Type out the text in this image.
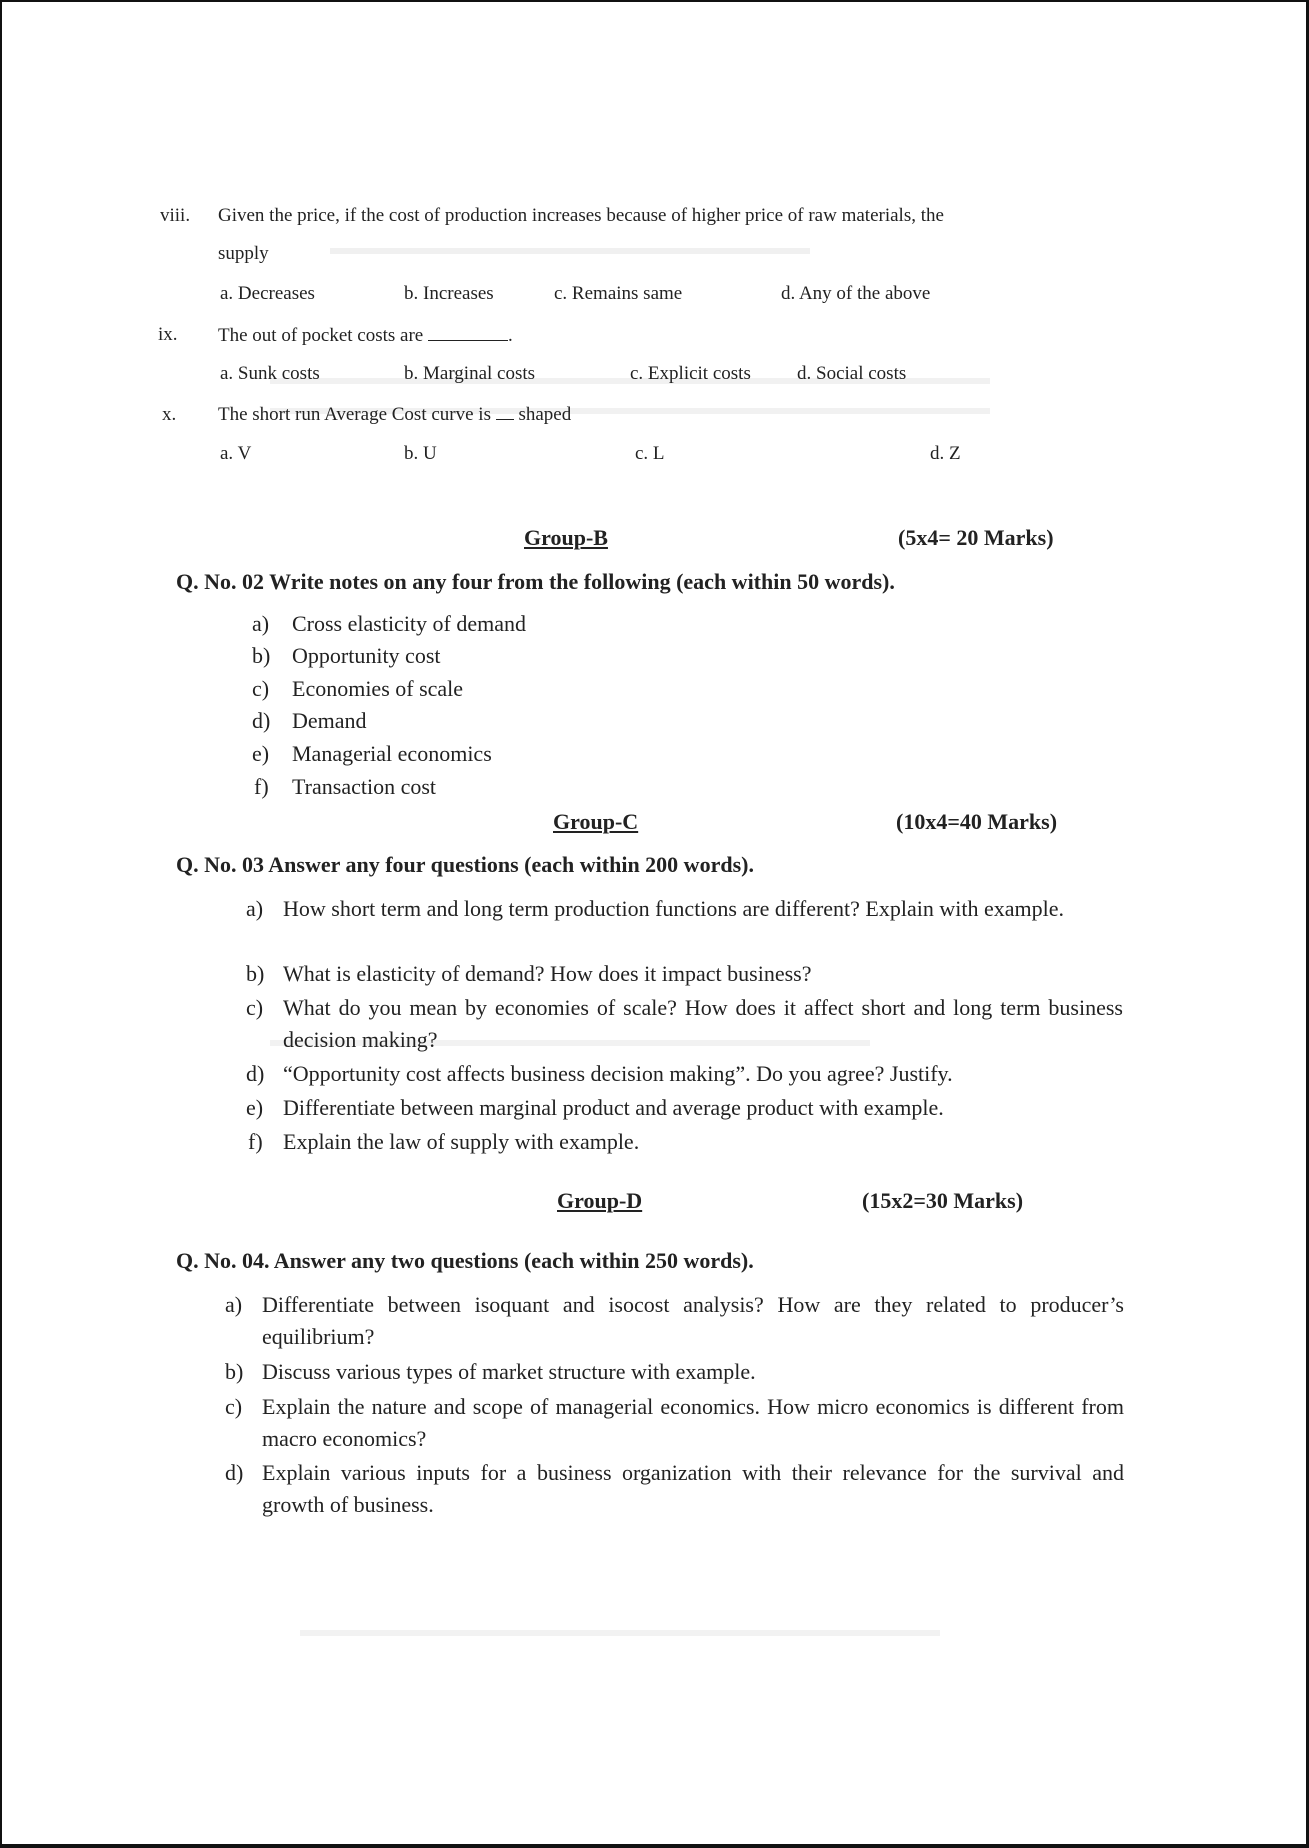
viii. Given the price, if the cost of production increases because of higher price of raw materials, the
supply
a. Decreases	b. Increases	c. Remains same	d. Any of the above
ix. The out of pocket costs are	.
a. Sunk costs	b. Marginal costs	c. Explicit costs d. Social costs
x. The short run Average Cost curve is shaped
a. V	b. U	c. L	d. Z
Group-B	(5x4= 20 Marks)
Q. No. 02 Write notes on any four from the following (each within 50 words).
a) Cross elasticity of demand
b) Opportunity cost
c) Economies of scale
d) Demand
e) Managerial economics
f) Transaction cost
Group-C	(10x4=40 Marks)
Q. No. 03 Answer any four questions (each within 200 words).
a) How short term and long term production functions are different? Explain with example.
b) What is elasticity of demand? How does it impact business?
c) What do you mean by economies of scale? How does it affect short and long term business decision making?
d) “Opportunity cost affects business decision making”. Do you agree? Justify.
e) Differentiate between marginal product and average product with example.
f) Explain the law of supply with example.
Group-D	(15x2=30 Marks)
Q. No. 04. Answer any two questions (each within 250 words).
a) Differentiate between isoquant and isocost analysis? How are they related to producer’s equilibrium?
b) Discuss various types of market structure with example.
c) Explain the nature and scope of managerial economics. How micro economics is different from macro economics?
d) Explain various inputs for a business organization with their relevance for the survival and growth of business.
